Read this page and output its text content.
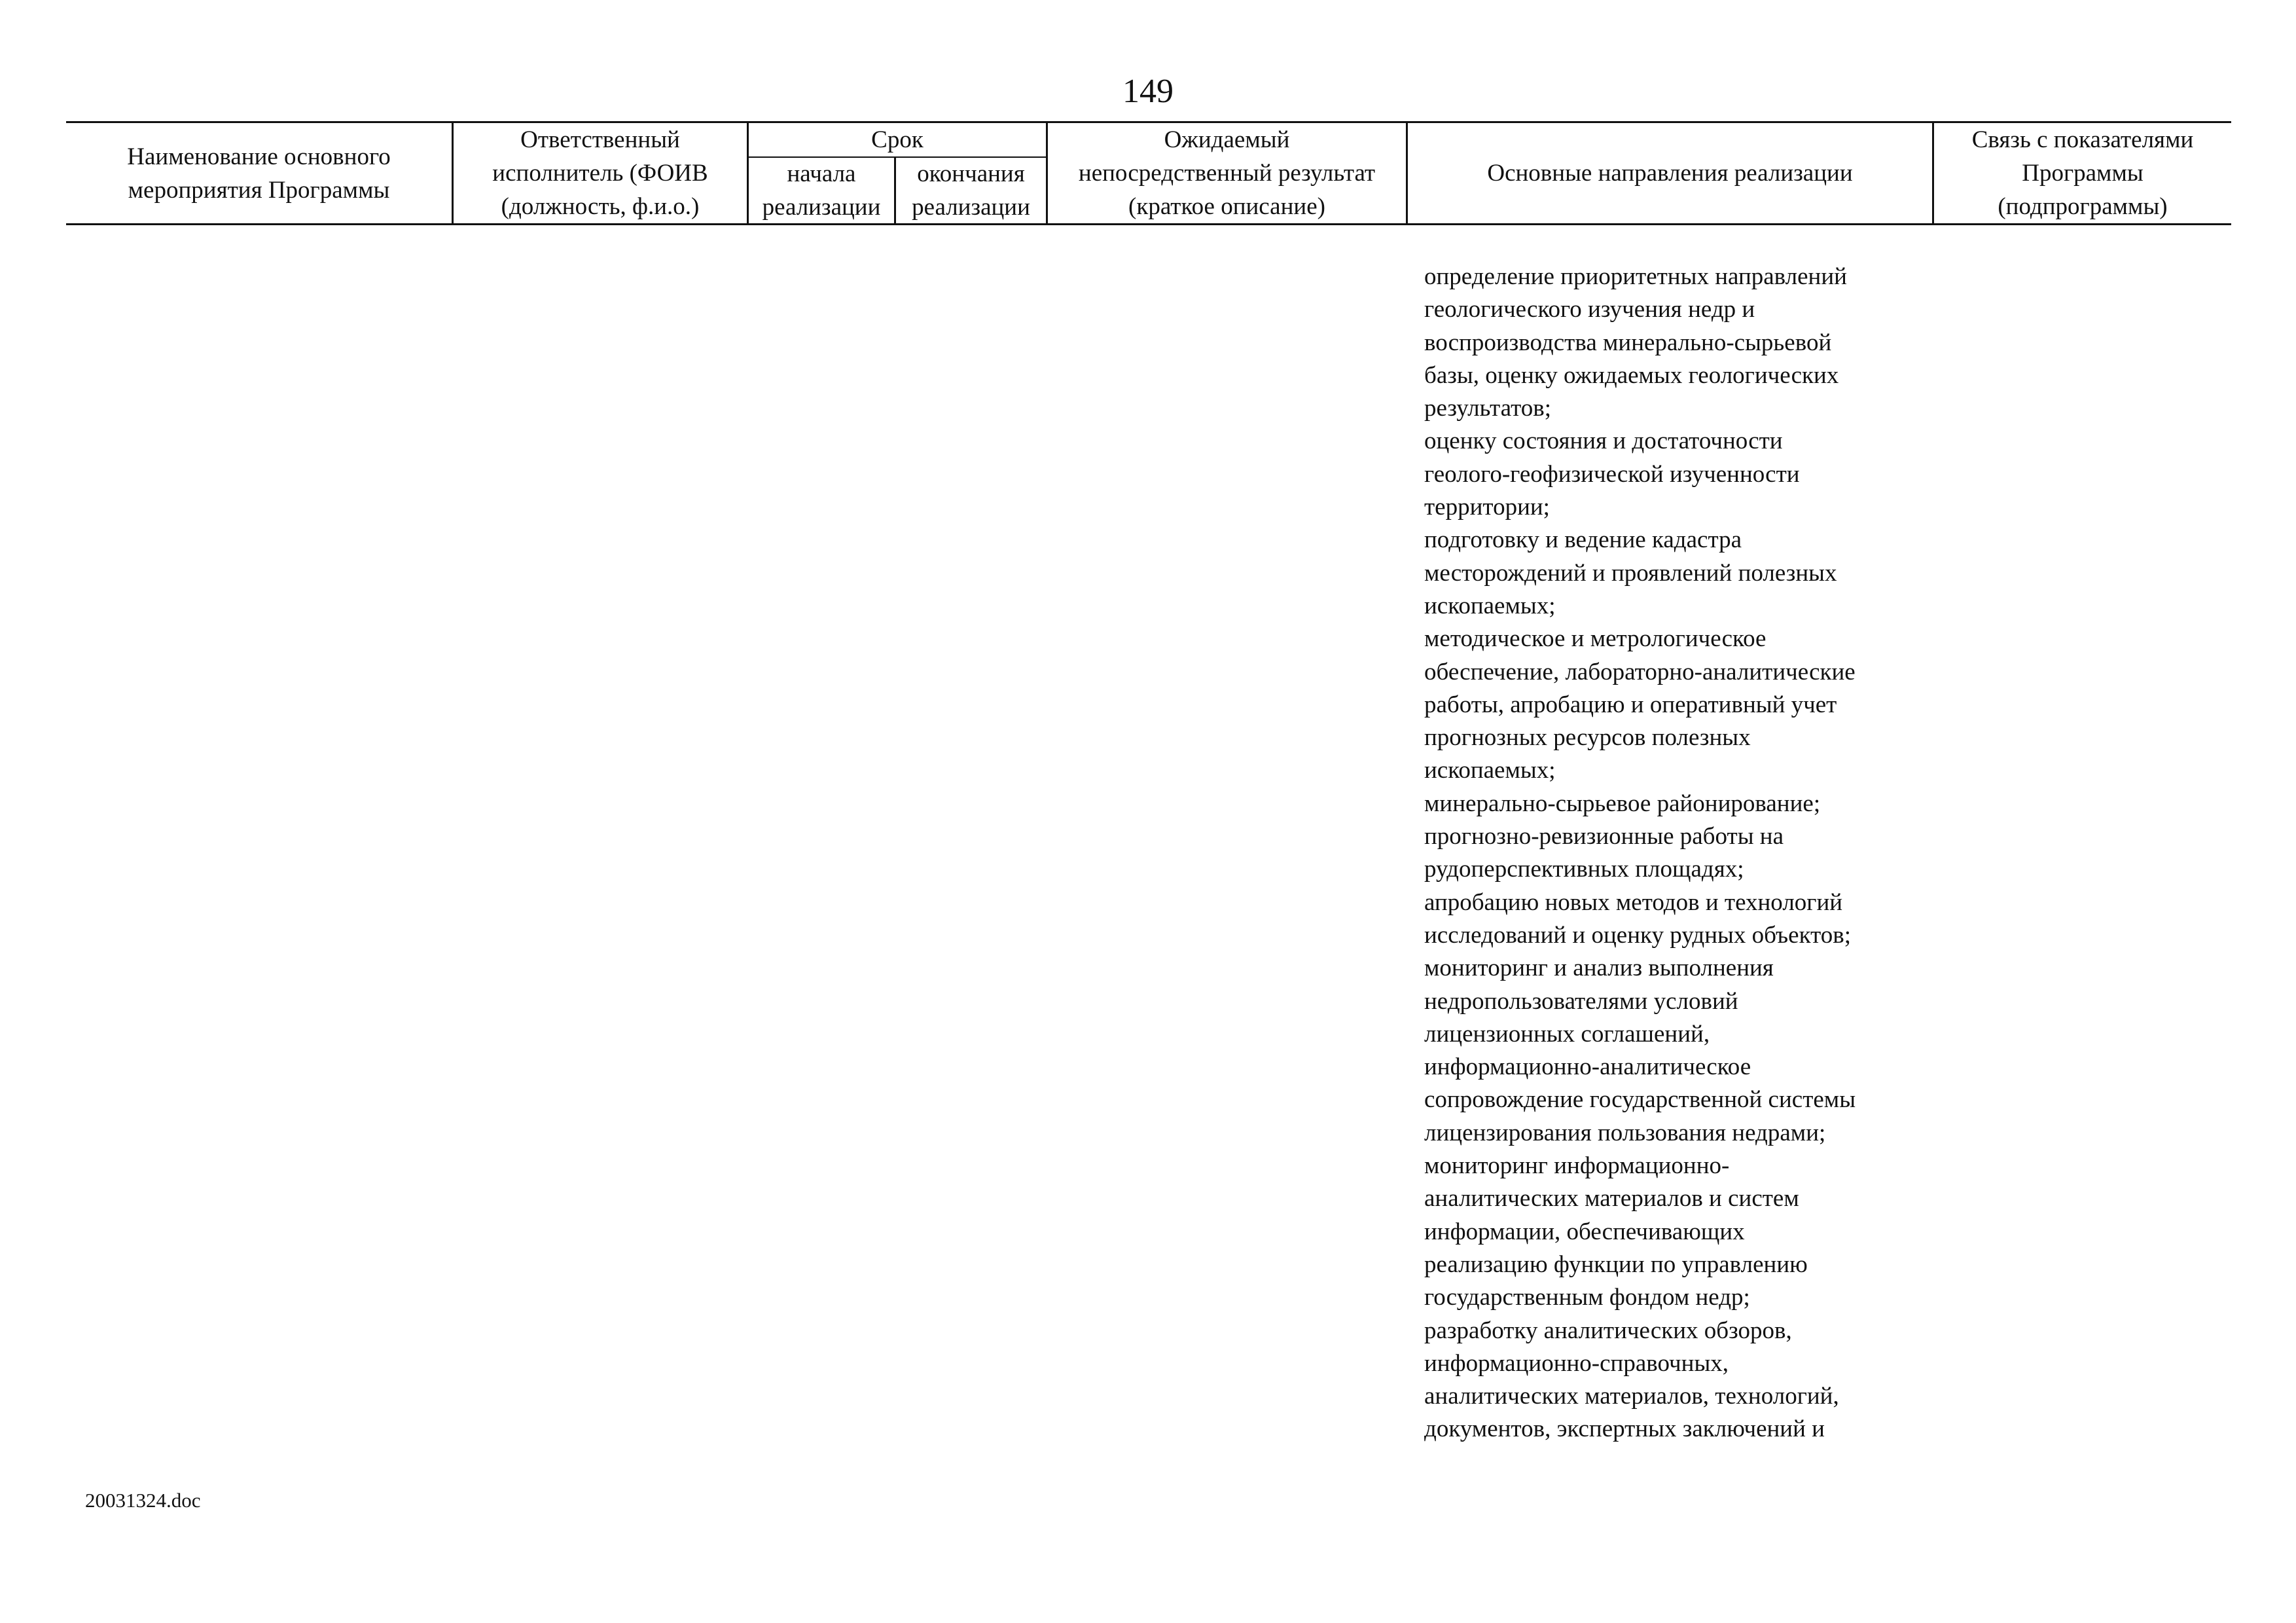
149
Наименование основного
мероприятия Программы
Ответственный
исполнитель (ФОИВ
(должность, ф.и.о.)
Срок
начала
реализации
окончания
реализации
Ожидаемый
непосредственный результат
(краткое описание)
Основные направления реализации
Связь с показателями
Программы
(подпрограммы)
определение приоритетных направлений
геологического изучения недр и
воспроизводства минерально-сырьевой
базы, оценку ожидаемых геологических
результатов;
оценку состояния и достаточности
геолого-геофизической изученности
территории;
подготовку и ведение кадастра
месторождений и проявлений полезных
ископаемых;
методическое и метрологическое
обеспечение, лабораторно-аналитические
работы, апробацию и оперативный учет
прогнозных ресурсов полезных
ископаемых;
минерально-сырьевое районирование;
прогнозно-ревизионные работы на
рудоперспективных площадях;
апробацию новых методов и технологий
исследований и оценку рудных объектов;
мониторинг и анализ выполнения
недропользователями условий
лицензионных соглашений,
информационно-аналитическое
сопровождение государственной системы
лицензирования пользования недрами;
мониторинг информационно-
аналитических материалов и систем
информации, обеспечивающих
реализацию функции по управлению
государственным фондом недр;
разработку аналитических обзоров,
информационно-справочных,
аналитических материалов, технологий,
документов, экспертных заключений и
20031324.doc
